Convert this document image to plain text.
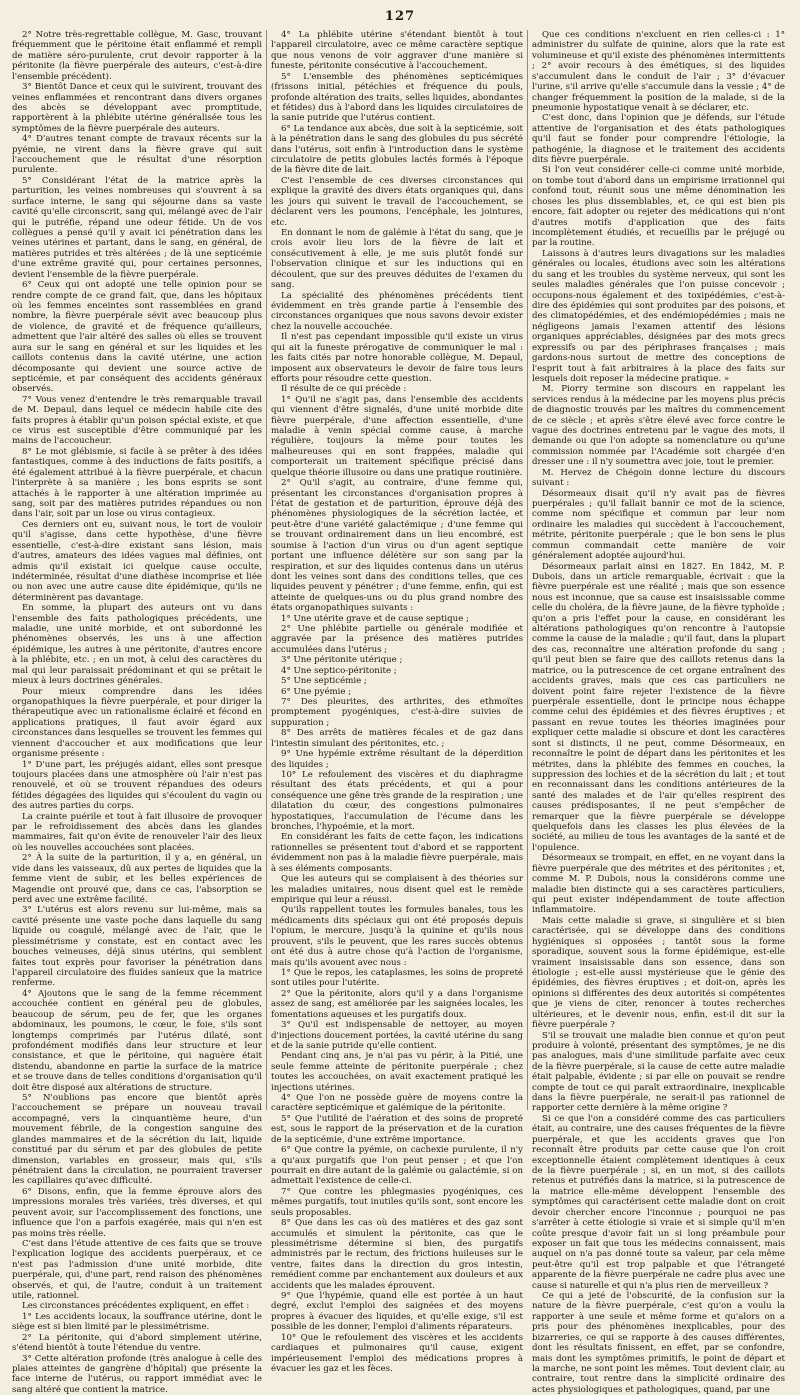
127

2° Notre très-regrettable collègue, M. Gasc, trouvant fréquemment que le péritoine était enflammé et rempli de matière séro-purulente, crut devoir rapporter à la péritonite (la fièvre puerpérale des auteurs, c'est-à-dire l'ensemble précédent).

3° Bientôt Dance et ceux qui le suivirent, trouvant des veines enflammées et rencontrant dans divers organes des abcès se développant avec promptitude, rapportèrent à la phlébite utérine généralisée tous les symptômes de la fièvre puerpérale des auteurs.

4° D'autres tenant compte de travaux récents sur la pyémie, ne virent dans la fièvre grave qui suit l'accouchement que le résultat d'une résorption purulente.

5° Considérant l'état de la matrice après la parturition, les veines nombreuses qui s'ouvrent à sa surface interne, le sang qui séjourne dans sa vaste cavité qu'elle circonscrit, sang qui, mélangé avec de l'air qui le putréfie, répand une odeur fétide. Un de vos collègues a pensé qu'il y avait ici pénétration dans les veines utérines et partant, dans le sang, en général, de matières putrides et très altérées ; de là une septicémie d'une extrême gravité qui, pour certaines personnes, devient l'ensemble de la fièvre puerpérale.

6° Ceux qui ont adopté une telle opinion pour se rendre compte de ce grand fait, que, dans les hôpitaux où les femmes enceintes sont rassemblées en grand nombre, la fièvre puerpérale sévit avec beaucoup plus de violence, de gravité et de fréquence qu'ailleurs, admettent que l'air altéré des salles où elles se trouvent aura sur le sang en général et sur les liquides et les caillots contenus dans la cavité utérine, une action décomposante qui devient une source active de septicémie, et par conséquent des accidents généraux observés.

7° Vous venez d'entendre le très remarquable travail de M. Depaul, dans lequel ce médecin habile cite des faits propres à établir qu'un poison spécial existe, et que ce virus est susceptible d'être communiqué par les mains de l'accoucheur.

8° Le mot glébismie, si facile à se prêter à des idées fantastiques, comme à des inductions de faits positifs, a été également attribué à la fièvre puerpérale, et chacun l'interprète à sa manière ; les bons esprits se sont attachés à le rapporter à une altération imprimée au sang, soit par des matières putrides répandues ou non dans l'air, soit par un lose ou virus contagieux.

Ces derniers ont eu, suivant nous, le tort de vouloir qu'il s'agisse, dans cette hypothèse, d'une fièvre essentielle, c'est-à-dire existant sans lésion, mais d'autres, amateurs des idées vagues mal définies, ont admis qu'il existait ici quelque cause occulte, indéterminée, résultat d'une diathèse incomprise et liée ou non avec une autre cause dite épidémique, qu'ils ne déterminèrent pas davantage.

En somme, la plupart des auteurs ont vu dans l'ensemble des faits pathologiques précédents, une maladie, une unité morbide, et ont subordonné les phénomènes observés, les uns à une affection épidémique, les autres à une péritonite, d'autres encore à la phlébite, etc. ; en un mot, à celui des caractères du mal qui leur paraissait prédominant et qui se prêtait le mieux à leurs doctrines générales.

Pour mieux comprendre dans les idées organopathiques la fièvre puerpérale, et pour diriger la thérapeutique avec un rationalisme éclairé et fécond en applications pratiques, il faut avoir égard aux circonstances dans lesquelles se trouvent les femmes qui viennent d'accoucher et aux modifications que leur organisme présente :

1° D'une part, les préjugés aidant, elles sont presque toujours placées dans une atmosphère où l'air n'est pas renouvelé, et où se trouvent répandues des odeurs fétides dégagées des liquides qui s'écoulent du vagin ou des autres parties du corps.

La crainte puérile et tout à fait illusoire de provoquer par le refroidissement des abcès dans les glandes mammaires, fait qu'on évite de renouveler l'air des lieux où les nouvelles accouchées sont placées.

2° À la suite de la parturition, il y a, en général, un vide dans les vaisseaux, dû aux pertes de liquides que la femme vient de subir, et les belles expériences de Magendie ont prouvé que, dans ce cas, l'absorption se perd avec une extrême facilité.

3° L'utérus est alors revenu sur lui-même, mais sa cavité présente une vaste poche dans laquelle du sang liquide ou coagulé, mélangé avec de l'air, que le plessimétrisme y constate, est en contact avec les bouches veineuses, déjà sinus utérins, qui semblent faites tout exprès pour favoriser la pénétration dans l'appareil circulatoire des fluides sanieux que la matrice renferme.

4° Ajoutons que le sang de la femme récemment accouchée contient en général peu de globules, beaucoup de sérum, peu de fer, que les organes abdominaux, les poumons, le cœur, le foie, s'ils sont longtemps comprimés par l'utérus dilaté, sont profondément modifiés dans leur structure et leur consistance, et que le péritoine, qui naguère était distendu, abandonne en partie la surface de la matrice et se trouve dans de telles conditions d'organisation qu'il doit être disposé aux altérations de structure.

5° N'oublions pas encore que bientôt après l'accouchement se prépare un nouveau travail accompagné, vers la cinquantième heure, d'un mouvement fébrile, de la congestion sanguine des glandes mammaires et de la sécrétion du lait, liquide constitué par du sérum et par des globules de petite dimension, variables en grosseur, mais qui, s'ils pénétraient dans la circulation, ne pourraient traverser les capillaires qu'avec difficulté.

6° Disons, enfin, que la femme éprouve alors des impressions morales très variées, très diverses, et qui peuvent avoir, sur l'accomplissement des fonctions, une influence que l'on a parfois exagérée, mais qui n'en est pas moins très réelle.

C'est dans l'étude attentive de ces faits que se trouve l'explication logique des accidents puerpéraux, et ce n'est pas l'admission d'une unité morbide, dite puerpérale, qui, d'une part, rend raison des phénomènes observés, et qui, de l'autre, conduit à un traitement utile, rationnel.

Les circonstances précédentes expliquent, en effet :

1° Les accidents locaux, la souffrance utérine, dont le siège est si bien limité par le plessimétrisme.

2° La péritonite, qui d'abord simplement utérine, s'étend bientôt à toute l'étendue du ventre.

3° Cette altération profonde (très analogue à celle des plaies atteintes de gangrène d'hôpital) que présente la face interne de l'utérus, ou rapport immédiat avec le sang altéré que contient la matrice.

4° La phlébite utérine s'étendant bientôt à tout l'appareil circulatoire, avec ce même caractère septique que nous venons de voir aggraver d'une manière si funeste, péritonite consécutive à l'accouchement.

5° L'ensemble des phénomènes septicémiques (frissons initial, pétéchies et fréquence du pouls, profonde altération des traits, selles liquides, abondantes et fétides) dus à l'abord dans les liquides circulatoires de la sanie putride que l'utérus contient.

6° La tendance aux abcès, due soit à la septicémie, soit à la pénétration dans le sang des globules du pus sécrété dans l'utérus, soit enfin à l'introduction dans le système circulatoire de petits globules lactés formés à l'époque de la fièvre dite de lait.

C'est l'ensemble de ces diverses circonstances qui explique la gravité des divers états organiques qui, dans les jours qui suivent le travail de l'accouchement, se déclarent vers les poumons, l'encéphale, les jointures, etc.

En donnant le nom de galémie à l'état du sang, que je crois avoir lieu lors de la fièvre de lait et consécutivement à elle, je me suis plutôt fondé sur l'observation clinique et sur les inductions qui en découlent, que sur des preuves déduites de l'examen du sang.

La spécialité des phénomènes précédents tient évidemment en très grande partie à l'ensemble des circonstances organiques que nous savons devoir exister chez la nouvelle accouchée.

Il n'est pas cependant impossible qu'il existe un virus qui ait la funeste prérogative de communiquer le mal : les faits cités par notre honorable collègue, M. Depaul, imposent aux observateurs le devoir de faire tous leurs efforts pour résoudre cette question.

Il résulte de ce qui précède :

1° Qu'il ne s'agit pas, dans l'ensemble des accidents qui viennent d'être signalés, d'une unité morbide dite fièvre puerpérale, d'une affection essentielle, d'une maladie à venin spécial comme cause, à marche régulière, toujours la même pour toutes les malheureuses qui en sont frappées, maladie qui comporterait un traitement spécifique précisé dans quelque théorie illusoire ou dans une pratique routinière.

2° Qu'il s'agit, au contraire, d'une femme qui, présentant les circonstances d'organisation propres à l'état de gestation et de parturition, éprouve déjà des phénomènes physiologiques de la sécrétion lactée, et peut-être d'une variété galactémique ; d'une femme qui se trouvant ordinairement dans un lieu encombré, est soumise à l'action d'un virus ou d'un agent septique portant une influence délétère sur son sang par la respiration, et sur des liquides contenus dans un utérus dont les veines sont dans des conditions telles, que ces liquides peuvent y pénétrer ; d'une femme, enfin, qui est atteinte de quelques-uns ou du plus grand nombre des états organopathiques suivants :

1° Une utérite grave et de cause septique ;

2° Une phlébite partielle ou générale modifiée et aggravée par la présence des matières putrides accumulées dans l'utérus ;

3° Une péritonite utérique ;

4° Une septico-péritonite ;

5° Une septicémie ;

6° Une pyémie ;

7° Des pleurites, des arthrites, des ethmoïtes promptement pyogéniques, c'est-à-dire suivies de suppuration ;

8° Des arrêts de matières fécales et de gaz dans l'intestin simulant des péritonites, etc. ;

9° Une hypémie extrême résultant de la déperdition des liquides ;

10° Le refoulement des viscères et du diaphragme résultant des états précédents, et qui a pour conséquence une gêne très grande de la respiration ; une dilatation du cœur, des congestions pulmonaires hypostatiques, l'accumulation de l'écume dans les bronches, l'hypoémie, et la mort.

En considérant les faits de cette façon, les indications rationnelles se présentent tout d'abord et se rapportent évidemment non pas à la maladie fièvre puerpérale, mais à ses éléments composants.

Que les auteurs qui se complaisent à des théories sur les maladies unitaires, nous disent quel est le remède empirique qui leur a réussi.

Qu'ils rappellent toutes les formules banales, tous les médicaments dits spéciaux qui ont été proposés depuis l'opium, le mercure, jusqu'à la quinine et qu'ils nous prouvent, s'ils le peuvent, que les rares succès obtenus ont été dus à autre chose qu'à l'action de l'organisme, mais qu'ils avouent avec nous :

1° Que le repos, les cataplasmes, les soins de propreté sont utiles pour l'utérite.

2° Que la péritonite, alors qu'il y a dans l'organisme assez de sang, est améliorée par les saignées locales, les fomentations aqueuses et les purgatifs doux.

3° Qu'il est indispensable de nettoyer, au moyen d'injections doucement portées, la cavité utérine du sang et de la sanie putride qu'elle contient.

Pendant cinq ans, je n'ai pas vu périr, à la Pitié, une seule femme atteinte de péritonite puerpérale ; chez toutes les accouchées, on avait exactement pratiqué les injections utérines.

4° Que l'on ne possède guère de moyens contre la caractère septicémique et galémique de la péritonite.

5° Que l'utilité de l'aération et des soins de propreté est, sous le rapport de la préservation et de la curation de la septicémie, d'une extrême importance.

6° Que contre la pyémie, on cachexie purulente, il n'y a qu'aux purgatifs que l'on peut penser ; et que l'on pourrait en dire autant de la galémie ou galactémie, si on admettait l'existence de celle-ci.

7° Que contre les phlegmasies pyogéniques, ces mêmes purgatifs, tout inutiles qu'ils sont, sont encore les seuls proposables.

8° Que dans les cas où des matières et des gaz sont accumulés et simulent la péritonite, cas que le plessimétrisme détermine si bien, des purgatifs administrés par le rectum, des frictions huileuses sur le ventre, faites dans la direction du gros intestin, remédient comme par enchantement aux douleurs et aux accidents que les malades éprouvent.

9° Que l'hypémie, quand elle est portée à un haut degré, exclut l'emploi des saignées et des moyens propres à évacuer des liquides, et qu'elle exige, s'il est possible de les donner, l'emploi d'aliments réparateurs.

10° Que le refoulement des viscères et les accidents cardiaques et pulmonaires qu'il cause, exigent impérieusement l'emploi des médications propres à évacuer les gaz et les fèces.

Que ces conditions n'excluent en rien celles-ci : 1° administrer du sulfate de quinine, alors que la rate est volumineuse et qu'il existe des phénomènes intermittents ; 2° avoir recours à des émétiques, si des liquides s'accumulent dans le conduit de l'air ; 3° d'évacuer l'urine, s'il arrive qu'elle s'accumule dans la vessie ; 4° de changer fréquemment la position de la malade, si de la pneumonie hypostatique venait à se déclarer, etc.

C'est donc, dans l'opinion que je défends, sur l'étude attentive de l'organisation et des états pathologiques qu'il faut se fonder pour comprendre l'étiologie, la pathogénie, la diagnose et le traitement des accidents dits fièvre puerpérale.

Si l'on veut considérer celle-ci comme unité morbide, on tombe tout d'abord dans un empirisme irrationnel qui confond tout, réunit sous une même dénomination les choses les plus dissemblables, et, ce qui est bien pis encore, fait adopter ou rejeter des médications qui n'ont d'autres motifs d'application que des faits incomplètement étudiés, et recueillis par le préjugé ou par la routine.

Laissons à d'autres leurs divagations sur les maladies générales ou locales, étudions avec soin les altérations du sang et les troubles du système nerveux, qui sont les seules maladies générales que l'on puisse concevoir ; occupons-nous également et des toxipédémies, c'est-à-dire des épidémies qui sont produites par des poisons, et des climatopédémies, et des endémiopédémies ; mais ne négligeons jamais l'examen attentif des lésions organiques appréciables, désignées par des mots grecs expressifs ou par des périphrases françaises ; mais gardons-nous surtout de mettre des conceptions de l'esprit tout à fait arbitraires à la place des faits sur lesquels doit reposer la médecine pratique. »

M. Piorry termine son discours en rappelant les services rendus à la médecine par les moyens plus précis de diagnostic trouvés par les maîtres du commencement de ce siècle ; et après s'être élevé avec force contre le vague des doctrines entretenu par le vague des mots, il demande ou que l'on adopte sa nomenclature ou qu'une commission nommée par l'Académie soit chargée d'en dresser une : il n'y soumettra avec joie, tout le premier.

M. Hervez de Chégoin donne lecture du discours suivant :

Désormeaux disait qu'il n'y avait pas de fièvres puerpérales ; qu'il fallait bannir ce mot de la science, comme nom spécifique et commun par leur nom ordinaire les maladies qui succèdent à l'accouchement, métrite, péritonite puerpérale ; que le bon sens le plus commun commandait cette manière de voir généralement adoptée aujourd'hui.

Désormeaux parlait ainsi en 1827. En 1842, M. P. Dubois, dans un article remarquable, écrivait : que la fièvre puerpérale est une réalité ; mais que son essence nous est inconnue, que sa cause est insaisissable comme celle du choléra, de la fièvre jaune, de la fièvre typhoïde ; qu'on a pris l'effet pour la cause, en considérant les altérations pathologiques qu'on rencontre à l'autopsie comme la cause de la maladie ; qu'il faut, dans la plupart des cas, reconnaître une altération profonde du sang ; qu'il peut bien se faire que des caillots retenus dans la matrice, ou la putrescence de cet organe entraînent des accidents graves, mais que ces cas particuliers ne doivent point faire rejeter l'existence de la fièvre puerpérale essentielle, dont le principe nous échappe comme celui des épidémies et des fièvres éruptives ; et passant en revue toutes les théories imaginées pour expliquer cette maladie si obscure et dont les caractères sont si distincts, il ne peut, comme Désormeaux, en reconnaître le point de départ dans les péritonites et les métrites, dans la phlébite des femmes en couches, la suppression des lochies et de la sécrétion du lait ; et tout en reconnaissant dans les conditions antérieures de la santé des malades et de l'air qu'elles respirent des causes prédisposantes, il ne peut s'empêcher de remarquer que la fièvre puerpérale se développe quelquefois dans les classes les plus élevées de la société, au milieu de tous les avantages de la santé et de l'opulence.

Désormeaux se trompait, en effet, en ne voyant dans la fièvre puerpérale que des métrites et des péritonites ; et, comme M. P. Dubois, nous la considérons comme une maladie bien distincte qui a ses caractères particuliers, qui peut exister indépendamment de toute affection inflammatoire.

Mais cette maladie si grave, si singulière et si bien caractérisée, qui se développe dans des conditions hygiéniques si opposées ; tantôt sous la forme sporadique, souvent sous la forme épidémique, est-elle vraiment insaisissable dans son essence, dans son étiologie ; est-elle aussi mystérieuse que le génie des épidémies, des fièvres éruptives ; et doit-on, après les opinions si différentes des deux autorités si compétentes que je viens de citer, renoncer à toutes recherches ultérieures, et le devenir nous, enfin, est-il dit sur la fièvre puerpérale ?

S'il se trouvait une maladie bien connue et qu'on peut produire à volonté, présentant des symptômes, je ne dis pas analogues, mais d'une similitude parfaite avec ceux de la fièvre puerpérale, si la cause de cette autre maladie était palpable, évidente ; si par elle on pouvait se rendre compte de tout ce qui paraît extraordinaire, inexplicable dans la fièvre puerpérale, ne serait-il pas rationnel de rapporter cette dernière à la même origine ?

Si ce que l'on a considéré comme des cas particuliers était, au contraire, une des causes fréquentes de la fièvre puerpérale, et que les accidents graves que l'on reconnaît être produits par cette cause que l'on croit exceptionnelle étaient complètement identiques à ceux de la fièvre puerpérale ; si, en un mot, si des caillots retenus et putréfiés dans la matrice, si la putrescence de la matrice elle-même développent l'ensemble des symptômes qui caractérisent cette maladie dont on croit devoir chercher encore l'inconnue ; pourquoi ne pas s'arrêter à cette étiologie si vraie et si simple qu'il m'en coûte presque d'avoir fait un si long préambule pour exposer un fait que tous les médecins connaissent, mais auquel on n'a pas donné toute sa valeur, par cela même peut-être qu'il est trop palpable et que l'étrangeté apparente de la fièvre puerpérale ne cadre plus avec une cause si naturelle et qui n'a plus rien de merveilleux ?

Ce qui a jeté de l'obscurité, de la confusion sur la nature de la fièvre puerpérale, c'est qu'on a voulu la rapporter à une seule et même forme et qu'alors on a pris pour des phénomènes inexplicables, pour des bizarreries, ce qui se rapporte à des causes différentes, dont les résultats finissent, en effet, par se confondre, mais dont les symptômes primitifs, le point de départ et la marche, ne sont point les mêmes. Tout devient clair, au contraire, tout rentre dans la simplicité ordinaire des actes physiologiques et pathologiques, quand, par une
